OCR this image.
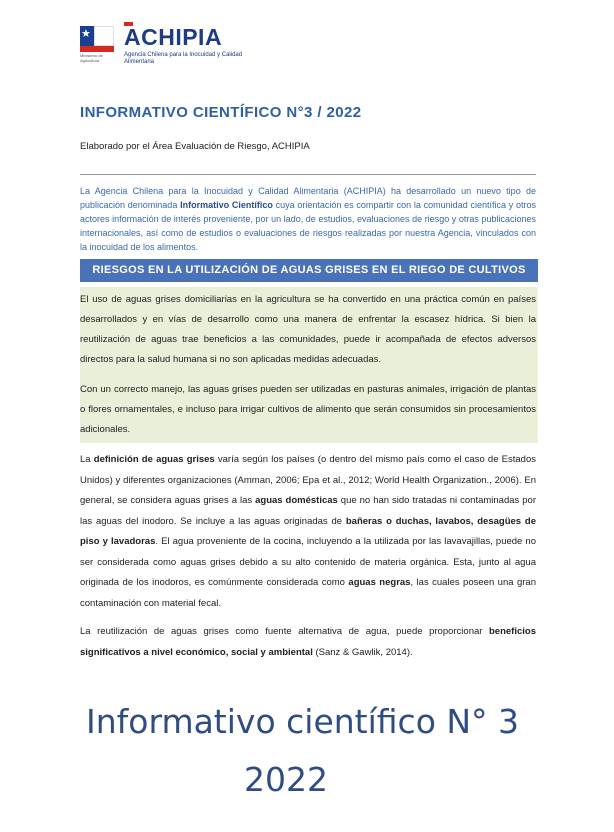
★
Ministerio de Agricultura
ACHIPIA
Agencia Chilena para la Inocuidad y Calidad Alimentaria
INFORMATIVO CIENTÍFICO N°3 / 2022
Elaborado por el Área Evaluación de Riesgo, ACHIPIA
La Agencia Chilena para la Inocuidad y Calidad Alimentaria (ACHIPIA) ha desarrollado un nuevo tipo de publicación denominada Informativo Científico cuya orientación es compartir con la comunidad científica y otros actores información de interés proveniente, por un lado, de estudios, evaluaciones de riesgo y otras publicaciones internacionales, así como de estudios o evaluaciones de riesgos realizadas por nuestra Agencia, vinculados con la inocuidad de los alimentos.
RIESGOS EN LA UTILIZACIÓN DE AGUAS GRISES EN EL RIEGO DE CULTIVOS
El uso de aguas grises domiciliarias en la agricultura se ha convertido en una práctica común en países desarrollados y en vías de desarrollo como una manera de enfrentar la escasez hídrica. Si bien la reutilización de aguas trae beneficios a las comunidades, puede ir acompañada de efectos adversos directos para la salud humana si no son aplicadas medidas adecuadas.
Con un correcto manejo, las aguas grises pueden ser utilizadas en pasturas animales, irrigación de plantas o flores ornamentales, e incluso para irrigar cultivos de alimento que serán consumidos sin procesamientos adicionales.
La definición de aguas grises varía según los países (o dentro del mismo país como el caso de Estados Unidos) y diferentes organizaciones (Amman, 2006; Epa et al., 2012; World Health Organization., 2006). En general, se considera aguas grises a las aguas domésticas que no han sido tratadas ni contaminadas por las aguas del inodoro. Se incluye a las aguas originadas de bañeras o duchas, lavabos, desagües de piso y lavadoras. El agua proveniente de la cocina, incluyendo a la utilizada por las lavavajillas, puede no ser considerada como aguas grises debido a su alto contenido de materia orgánica. Esta, junto al agua originada de los inodoros, es comúnmente considerada como aguas negras, las cuales poseen una gran contaminación con material fecal.
La reutilización de aguas grises como fuente alternativa de agua, puede proporcionar beneficios significativos a nivel económico, social y ambiental (Sanz & Gawlik, 2014).
Informativo científico N° 3
2022
